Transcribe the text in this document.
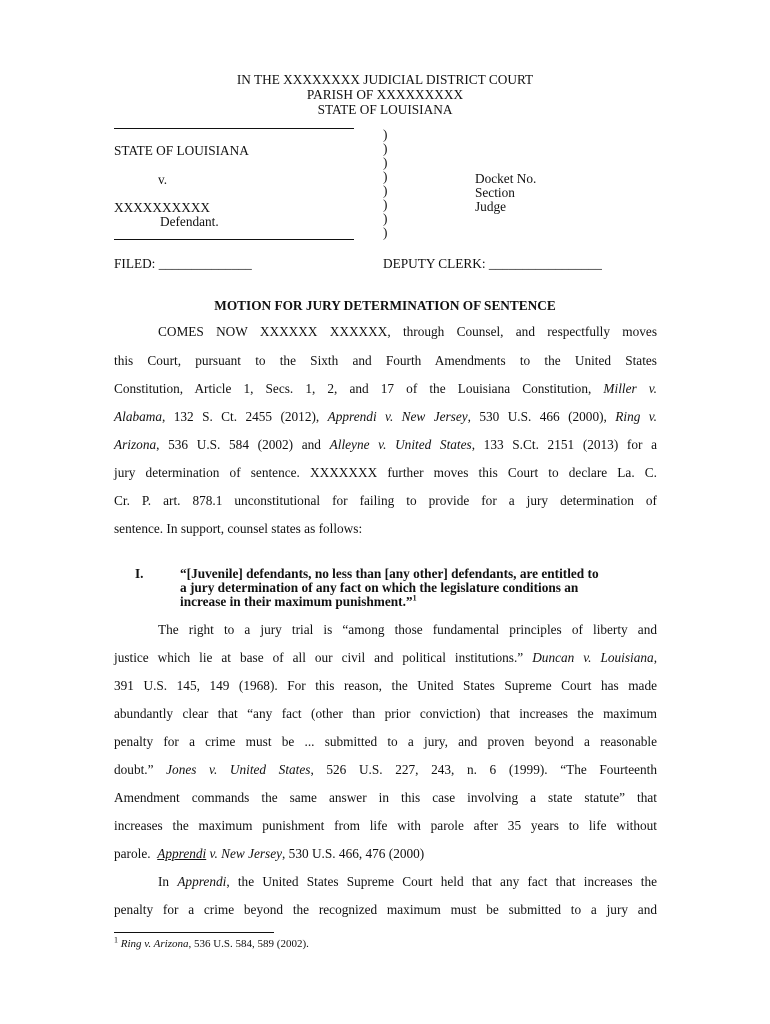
IN THE XXXXXXXX JUDICIAL DISTRICT COURT
PARISH OF XXXXXXXXX
STATE OF LOUISIANA
STATE OF LOUISIANA
v.
XXXXXXXXXX
Defendant.
)
)
)
)
)
)
)
)
Docket No.
Section
Judge
FILED: ______________	DEPUTY CLERK: _________________
MOTION FOR JURY DETERMINATION OF SENTENCE
COMES NOW XXXXXX XXXXXX, through Counsel, and respectfully moves
this Court, pursuant to the Sixth and Fourth Amendments to the United States
Constitution, Article 1, Secs. 1, 2, and 17 of the Louisiana Constitution, Miller v.
Alabama, 132 S. Ct. 2455 (2012), Apprendi v. New Jersey, 530 U.S. 466 (2000), Ring v.
Arizona, 536 U.S. 584 (2002) and Alleyne v. United States, 133 S.Ct. 2151 (2013) for a
jury determination of sentence. XXXXXXX further moves this Court to declare La. C.
Cr. P. art. 878.1 unconstitutional for failing to provide for a jury determination of
sentence. In support, counsel states as follows:
I.	“[Juvenile] defendants, no less than [any other] defendants, are entitled to
a jury determination of any fact on which the legislature conditions an
increase in their maximum punishment.”$^1$
The right to a jury trial is “among those fundamental principles of liberty and
justice which lie at base of all our civil and political institutions.” Duncan v. Louisiana,
391 U.S. 145, 149 (1968). For this reason, the United States Supreme Court has made
abundantly clear that “any fact (other than prior conviction) that increases the maximum
penalty for a crime must be ... submitted to a jury, and proven beyond a reasonable
doubt.” Jones v. United States, 526 U.S. 227, 243, n. 6 (1999). “The Fourteenth
Amendment commands the same answer in this case involving a state statute” that
increases the maximum punishment from life with parole after 35 years to life without
parole. Apprendi v. New Jersey, 530 U.S. 466, 476 (2000)
In Apprendi, the United States Supreme Court held that any fact that increases the
penalty for a crime beyond the recognized maximum must be submitted to a jury and
$^1$ Ring v. Arizona, 536 U.S. 584, 589 (2002).
